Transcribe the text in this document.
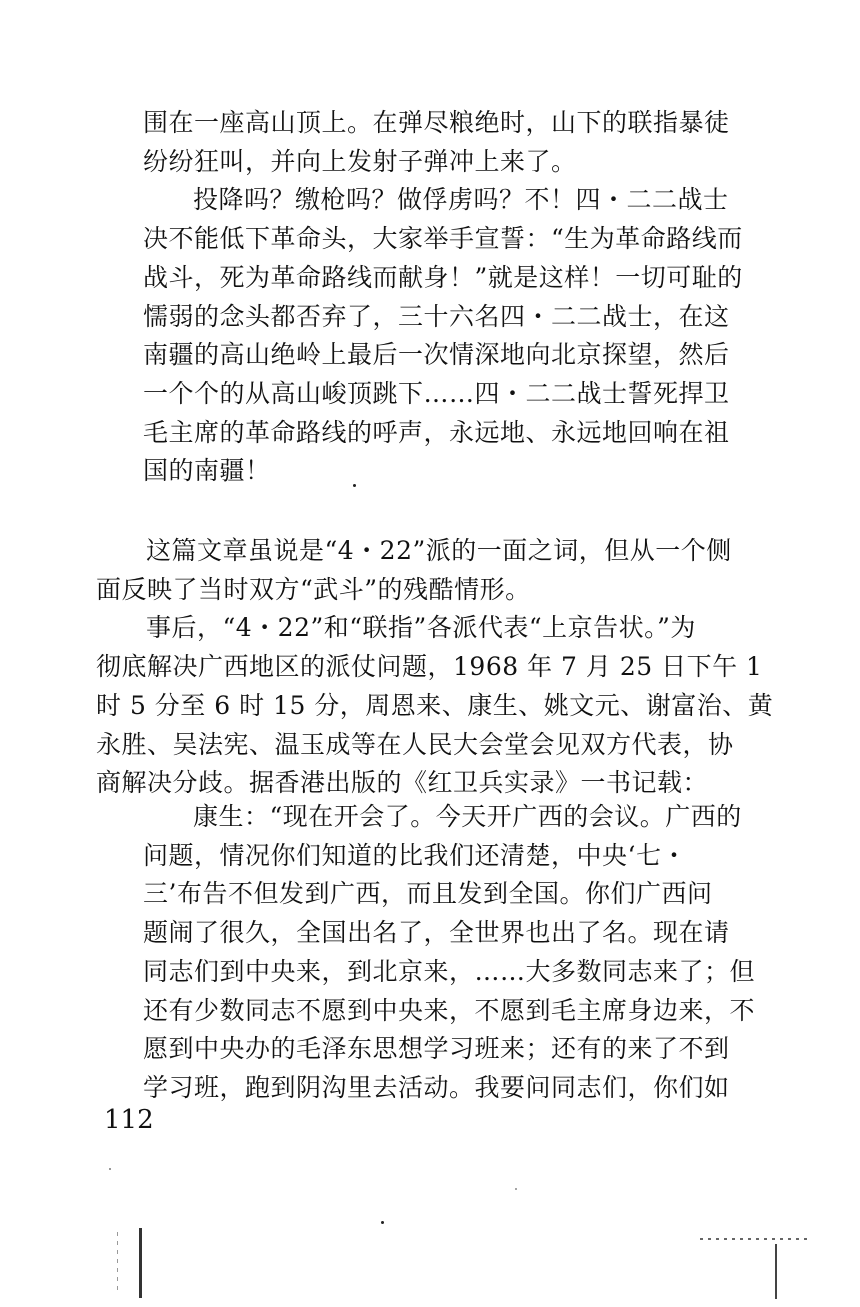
围在一座高山顶上。在弹尽粮绝时，山下的联指暴徒
纷纷狂叫，并向上发射子弹冲上来了。
投降吗？缴枪吗？做俘虏吗？不！四・二二战士
决不能低下革命头，大家举手宣誓：“生为革命路线而
战斗，死为革命路线而献身！”就是这样！一切可耻的
懦弱的念头都否弃了，三十六名四・二二战士，在这
南疆的高山绝岭上最后一次情深地向北京探望，然后
一个个的从高山峻顶跳下……四・二二战士誓死捍卫
毛主席的革命路线的呼声，永远地、永远地回响在祖
国的南疆！
这篇文章虽说是“4・22”派的一面之词，但从一个侧
面反映了当时双方“武斗”的残酷情形。
事后，“4・22”和“联指”各派代表“上京告状。”为
彻底解决广西地区的派仗问题，1968 年 7 月 25 日下午 1
时 5 分至 6 时 15 分，周恩来、康生、姚文元、谢富治、黄
永胜、吴法宪、温玉成等在人民大会堂会见双方代表，协
商解决分歧。据香港出版的《红卫兵实录》一书记载：
康生：“现在开会了。今天开广西的会议。广西的
问题，情况你们知道的比我们还清楚，中央‘七・
三’布告不但发到广西，而且发到全国。你们广西问
题闹了很久，全国出名了，全世界也出了名。现在请
同志们到中央来，到北京来，……大多数同志来了；但
还有少数同志不愿到中央来，不愿到毛主席身边来，不
愿到中央办的毛泽东思想学习班来；还有的来了不到
学习班，跑到阴沟里去活动。我要问同志们，你们如
112
